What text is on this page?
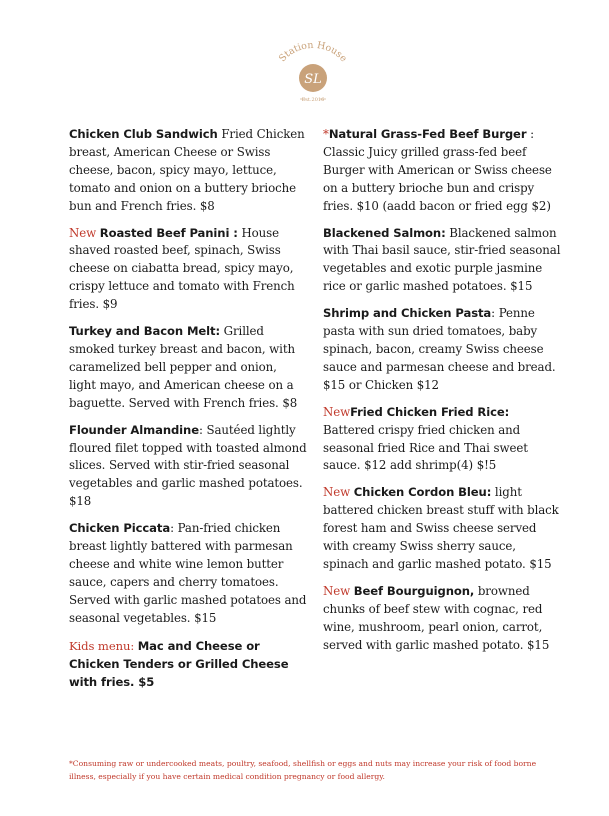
Station House
SL
Est.2016

Chicken Club Sandwich Fried Chicken breast, American Cheese or Swiss cheese, bacon, spicy mayo, lettuce, tomato and onion on a buttery brioche bun and French fries. $8

New Roasted Beef Panini : House shaved roasted beef, spinach, Swiss cheese on ciabatta bread, spicy mayo, crispy lettuce and tomato with French fries. $9

Turkey and Bacon Melt: Grilled smoked turkey breast and bacon, with caramelized bell pepper and onion, light mayo, and American cheese on a baguette. Served with French fries. $8

Flounder Almandine: Sautéed lightly floured filet topped with toasted almond slices. Served with stir-fried seasonal vegetables and garlic mashed potatoes. $18

Chicken Piccata: Pan-fried chicken breast lightly battered with parmesan cheese and white wine lemon butter sauce, capers and cherry tomatoes. Served with garlic mashed potatoes and seasonal vegetables. $15

Kids menu: Mac and Cheese or Chicken Tenders or Grilled Cheese with fries. $5

*Natural Grass-Fed Beef Burger : Classic Juicy grilled grass-fed beef Burger with American or Swiss cheese on a buttery brioche bun and crispy fries. $10 (aadd bacon or fried egg $2)

Blackened Salmon: Blackened salmon with Thai basil sauce, stir-fried seasonal vegetables and exotic purple jasmine rice or garlic mashed potatoes. $15

Shrimp and Chicken Pasta: Penne pasta with sun dried tomatoes, baby spinach, bacon, creamy Swiss cheese sauce and parmesan cheese and bread. $15 or Chicken $12

NewFried Chicken Fried Rice: Battered crispy fried chicken and seasonal fried Rice and Thai sweet sauce. $12 add shrimp(4) $!5

New Chicken Cordon Bleu: light battered chicken breast stuff with black forest ham and Swiss cheese served with creamy Swiss sherry sauce, spinach and garlic mashed potato. $15

New Beef Bourguignon, browned chunks of beef stew with cognac, red wine, mushroom, pearl onion, carrot, served with garlic mashed potato. $15

*Consuming raw or undercooked meats, poultry, seafood, shellfish or eggs and nuts may increase your risk of food borne illness, especially if you have certain medical condition pregnancy or food allergy.
